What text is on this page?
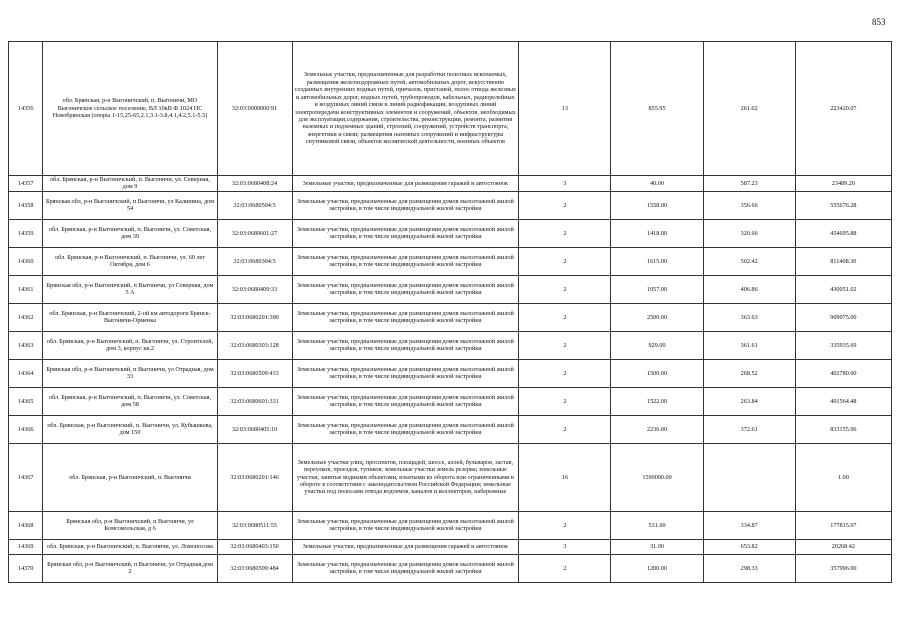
853
14356	обл. Брянская, р-н Выгоничский, п. Выгоничи, МО Выгоничское сельское поселение, ВЛ 10кВ Ф.1024 ПС Новобрянская (опоры 1-15,25-65,2.1,3.1-3.8,4.1,4.2,5.1-5.5)	32:03:0000000:91	Земельные участки, предназначенные для разработки полезных ископаемых, размещения железнодорожных путей, автомобильных дорог, искусственно созданных внутренних водных путей, причалов, пристаней, полос отвода железных и автомобильных дорог, водных путей, трубопроводов, кабельных, радиорелейных и воздушных линий связи и линий радиофикации, воздушных линий электропередачи конструктивных элементов и сооружений, объектов, необходимых для эксплуатации,содержания, строительства, реконструкции, ремонта, развития наземных и подземных зданий, строений, сооружений, устройств транспорта, энергетики и связи; размещения наземных сооружений и инфраструктуры спутниковой связи, объектов космической деятельности, военных объектов	13	855.95	261.02	223420.07
14357	обл. Брянская, р-н Выгоничский, п. Выгоничи, ул. Северная, дом 9	32:03:0680408:24	Земельные участки, предназначенные для размещения гаражей и автостоянок	3	40.00	587.23	23489.20
14358	Брянская обл, р-н Выгоничский, п Выгоничи, ул Калинина, дом 54	32:03:0680504:5	Земельные участки, предназначенные для размещения домов малоэтажной жилой застройки, в том числе индивидуальной жилой застройки	2	1558.00	356.66	555676.28
14359	обл. Брянская, р-н Выгоничский, п. Выгоничи, ул. Советская, дом 39	32:03:0680601:27	Земельные участки, предназначенные для размещения домов малоэтажной жилой застройки, в том числе индивидуальной жилой застройки	2	1418.00	320.66	454695.88
14360	обл. Брянская, р-н Выгоничский, п. Выгоничи, ул. 60 лет Октября, дом 6	32:03:0680304:5	Земельные участки, предназначенные для размещения домов малоэтажной жилой застройки, в том числе индивидуальной жилой застройки	2	1615.00	502.42	811408.30
14361	Брянская обл, р-н Выгоничский, п Выгоничи, ул Северная, дом 5 А	32:03:0680409:33	Земельные участки, предназначенные для размещения домов малоэтажной жилой застройки, в том числе индивидуальной жилой застройки	2	1057.00	406.86	430051.02
14362	обл. Брянская, р-н Выгоничский, 2-ой км автодороги Брянск-Выгоничи-Орменка	32:03:0680201:390	Земельные участки, предназначенные для размещения домов малоэтажной жилой застройки, в том числе индивидуальной жилой застройки	2	2500.00	363.63	909075.00
14363	обл. Брянская, р-н Выгоничский, п. Выгоничи, ул. Строителей, дом 3, корпус кв.2	32:03:0680303:128	Земельные участки, предназначенные для размещения домов малоэтажной жилой застройки, в том числе индивидуальной жилой застройки	2	929.00	361.61	335935.69
14364	Брянская обл, р-н Выгоничский, п Выгоничи, ул Отрадная, дом 33	32:03:0680509:433	Земельные участки, предназначенные для размещения домов малоэтажной жилой застройки, в том числе индивидуальной жилой застройки	2	1500.00	268.52	402780.00
14365	обл. Брянская, р-н Выгоничский, п. Выгоничи, ул. Советская, дом 58	32:03:0680601:331	Земельные участки, предназначенные для размещения домов малоэтажной жилой застройки, в том числе индивидуальной жилой застройки	2	1522.00	263.84	401564.48
14366	обл. Брянская, р-н Выгоничский, п. Выгоничи, ул. Кубышкова, дом 150	32:03:0680405:10	Земельные участки, предназначенные для размещения домов малоэтажной жилой застройки, в том числе индивидуальной жилой застройки	2	2236.00	372.61	833155.96
14367	обл. Брянская, р-н Выгоничский, п. Выгоничи	32:03:0680201:146	Земельные участки улиц, проспектов, площадей, шоссе, аллей, бульваров, застав, переулков, проездов, тупиков; земельные участки земель резерва; земельные участки, занятые водными объектами, изъятыми из оборота или ограниченными в обороте в соответствии с законодательством Российской Федерации; земельные участки под полосами отвода водоемов, каналов и коллекторов, набережные	16	1590000.00		1.00
14368	Брянская обл, р-н Выгоничский, п Выгоничи, ул Комсомольская, д 6	32:03:0680511:55	Земельные участки, предназначенные для размещения домов малоэтажной жилой застройки, в том числе индивидуальной жилой застройки	2	531.00	334.87	177815.97
14369	обл. Брянская, р-н Выгоничский, п. Выгоничи, ул. Ломоносова	32:03:0680403:150	Земельные участки, предназначенные для размещения гаражей и автостоянок	3	31.00	653.82	20268.42
14370	Брянская обл, р-н Выгоничский, п Выгоничи, ул Отрадная,дом 2	32:03:0680509:484	Земельные участки, предназначенные для размещения домов малоэтажной жилой застройки, в том числе индивидуальной жилой застройки	2	1200.00	298.33	357996.00
